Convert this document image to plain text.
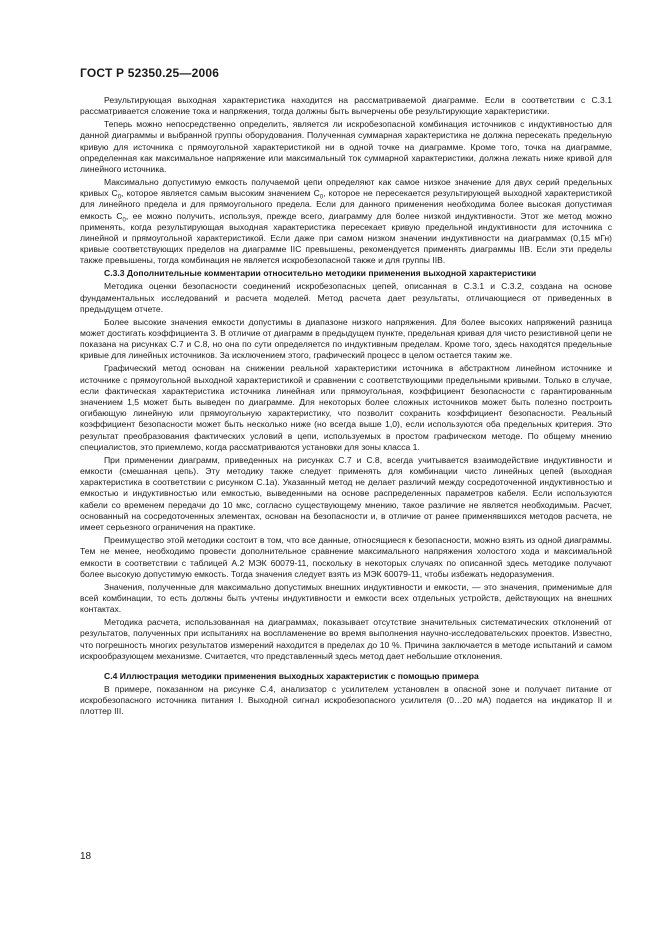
ГОСТ Р 52350.25—2006

Результирующая выходная характеристика находится на рассматриваемой диаграмме. Если в соответствии с С.3.1 рассматривается сложение тока и напряжения, тогда должны быть вычерчены обе результирующие характеристики.

Теперь можно непосредственно определить, является ли искробезопасной комбинация источников с индуктивностью для данной диаграммы и выбранной группы оборудования. Полученная суммарная характеристика не должна пересекать предельную кривую для источника с прямоугольной характеристикой ни в одной точке на диаграмме. Кроме того, точка на диаграмме, определенная как максимальное напряжение или максимальный ток суммарной характеристики, должна лежать ниже кривой для линейного источника.

Максимально допустимую емкость получаемой цепи определяют как самое низкое значение для двух серий предельных кривых $С_0$, которое является самым высоким значением $С_0$, которое не пересекается результирующей выходной характеристикой для линейного предела и для прямоугольного предела. Если для данного применения необходима более высокая допустимая емкость $С_0$, ее можно получить, используя, прежде всего, диаграмму для более низкой индуктивности. Этот же метод можно применять, когда результирующая выходная характеристика пересекает кривую предельной индуктивности для источника с линейной и прямоугольной характеристикой. Если даже при самом низком значении индуктивности на диаграммах (0,15 мГн) кривые соответствующих пределов на диаграмме IIC превышены, рекомендуется применять диаграммы IIB. Если эти пределы также превышены, тогда комбинация не является искробезопасной также и для группы IIB.

С.3.3 Дополнительные комментарии относительно методики применения выходной характеристики

Методика оценки безопасности соединений искробезопасных цепей, описанная в С.3.1 и С.3.2, создана на основе фундаментальных исследований и расчета моделей. Метод расчета дает результаты, отличающиеся от приведенных в предыдущем отчете.

Более высокие значения емкости допустимы в диапазоне низкого напряжения. Для более высоких напряжений разница может достигать коэффициента 3. В отличие от диаграмм в предыдущем пункте, предельная кривая для чисто резистивной цепи не показана на рисунках С.7 и С.8, но она по сути определяется по индуктивным пределам. Кроме того, здесь находятся предельные кривые для линейных источников. За исключением этого, графический процесс в целом остается таким же.

Графический метод основан на снижении реальной характеристики источника в абстрактном линейном источнике и источнике с прямоугольной выходной характеристикой и сравнении с соответствующими предельными кривыми. Только в случае, если фактическая характеристика источника линейная или прямоугольная, коэффициент безопасности с гарантированным значением 1,5 может быть выведен по диаграмме. Для некоторых более сложных источников может быть полезно построить огибающую линейную или прямоугольную характеристику, что позволит сохранить коэффициент безопасности. Реальный коэффициент безопасности может быть несколько ниже (но всегда выше 1,0), если используются оба предельных критерия. Это результат преобразования фактических условий в цепи, используемых в простом графическом методе. По общему мнению специалистов, это приемлемо, когда рассматриваются установки для зоны класса 1.

При применении диаграмм, приведенных на рисунках С.7 и С.8, всегда учитывается взаимодействие индуктивности и емкости (смешанная цепь). Эту методику также следует применять для комбинации чисто линейных цепей (выходная характеристика в соответствии с рисунком С.1а). Указанный метод не делает различий между сосредоточенной индуктивностью и емкостью и индуктивностью или емкостью, выведенными на основе распределенных параметров кабеля. Если используются кабели со временем передачи до 10 мкс, согласно существующему мнению, такое различие не является необходимым. Расчет, основанный на сосредоточенных элементах, основан на безопасности и, в отличие от ранее применявшихся методов расчета, не имеет серьезного ограничения на практике.

Преимущество этой методики состоит в том, что все данные, относящиеся к безопасности, можно взять из одной диаграммы. Тем не менее, необходимо провести дополнительное сравнение максимального напряжения холостого хода и максимальной емкости в соответствии с таблицей А.2 МЭК 60079-11, поскольку в некоторых случаях по описанной здесь методике получают более высокую допустимую емкость. Тогда значения следует взять из МЭК 60079-11, чтобы избежать недоразумения.

Значения, полученные для максимально допустимых внешних индуктивности и емкости, — это значения, применимые для всей комбинации, то есть должны быть учтены индуктивности и емкости всех отдельных устройств, действующих на внешних контактах.

Методика расчета, использованная на диаграммах, показывает отсутствие значительных систематических отклонений от результатов, полученных при испытаниях на воспламенение во время выполнения научно-исследовательских проектов. Известно, что погрешность многих результатов измерений находится в пределах до 10 %. Причина заключается в методе испытаний и самом искрообразующем механизме. Считается, что представленный здесь метод дает небольшие отклонения.

С.4 Иллюстрация методики применения выходных характеристик с помощью примера

В примере, показанном на рисунке С.4, анализатор с усилителем установлен в опасной зоне и получает питание от искробезопасного источника питания I. Выходной сигнал искробезопасного усилителя (0…20 мА) подается на индикатор II и плоттер III.

18
